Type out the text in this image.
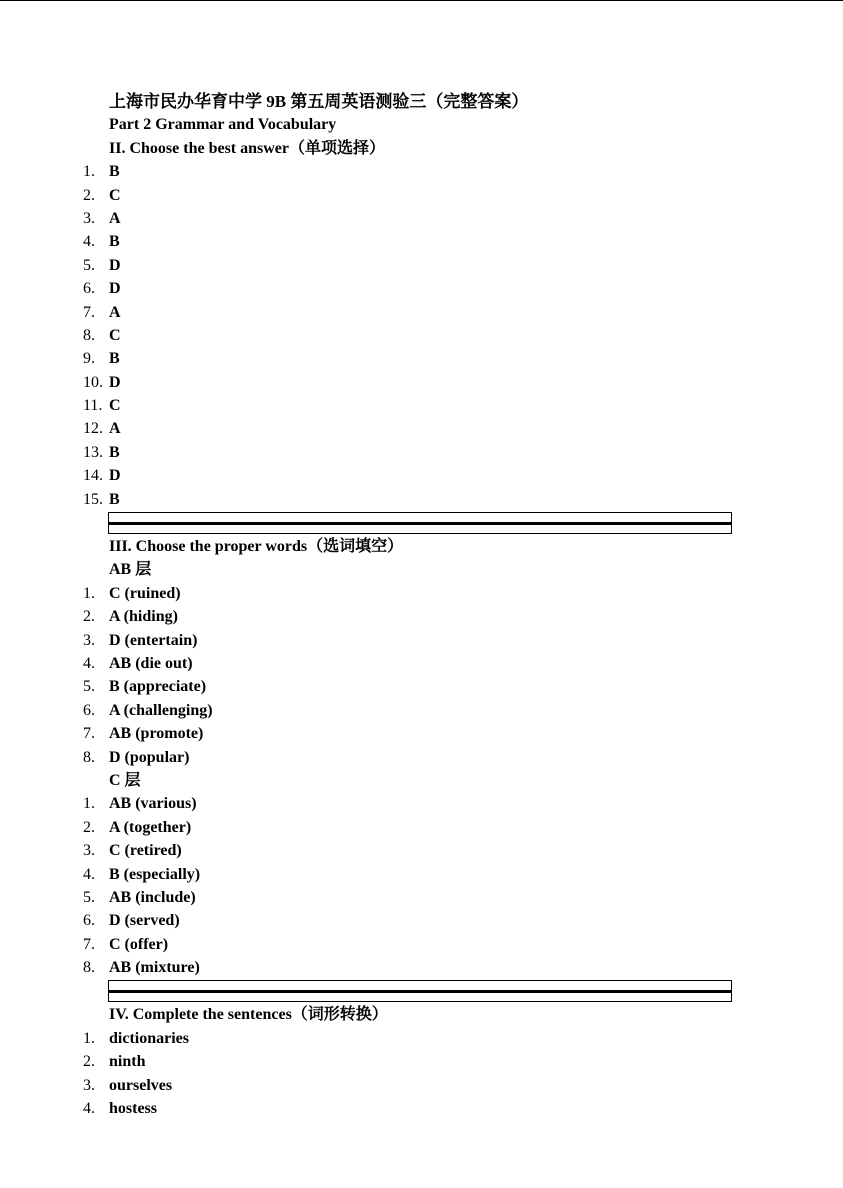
上海市民办华育中学 9B 第五周英语测验三（完整答案）
Part 2 Grammar and Vocabulary
II. Choose the best answer（单项选择）
1. B
2. C
3. A
4. B
5. D
6. D
7. A
8. C
9. B
10. D
11. C
12. A
13. B
14. D
15. B
III. Choose the proper words（选词填空）
AB 层
1. C (ruined)
2. A (hiding)
3. D (entertain)
4. AB (die out)
5. B (appreciate)
6. A (challenging)
7. AB (promote)
8. D (popular)
C 层
1. AB (various)
2. A (together)
3. C (retired)
4. B (especially)
5. AB (include)
6. D (served)
7. C (offer)
8. AB (mixture)
IV. Complete the sentences（词形转换）
1. dictionaries
2. ninth
3. ourselves
4. hostess
